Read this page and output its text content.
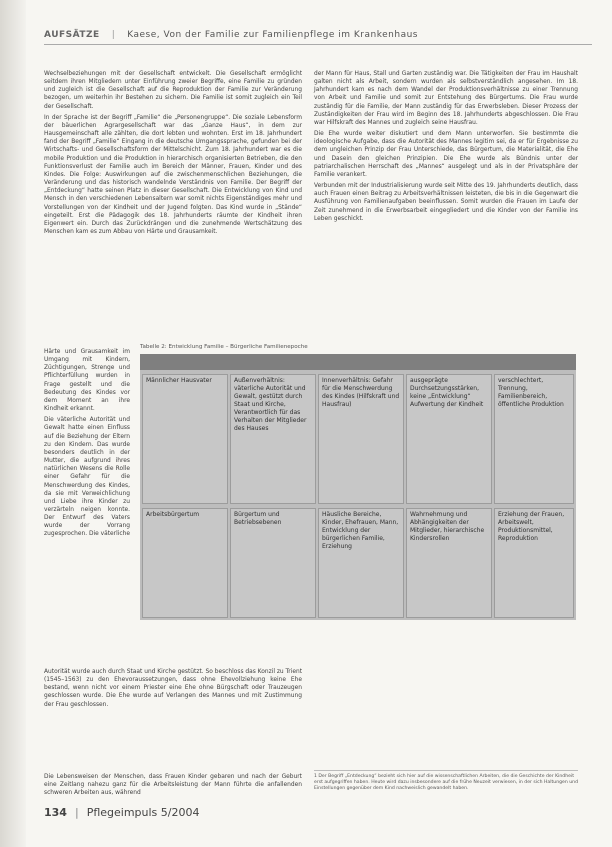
AUFSÄTZE | Kaese, Von der Familie zur Familienpflege im Krankenhaus

Wechselbeziehungen mit der Gesellschaft entwickelt. Die Gesellschaft ermöglicht seitdem ihren Mitgliedern unter Einführung zweier Begriffe, eine Familie zu gründen und zugleich ist die Gesellschaft auf die Reproduktion der Familie zur Veränderung bezogen, um weiterhin ihr Bestehen zu sichern. Die Familie ist somit zugleich ein Teil der Gesellschaft.

In der Sprache ist der Begriff „Familie“ die „Personengruppe“. Die soziale Lebensform der bäuerlichen Agrargesellschaft war das „Ganze Haus“, in dem zur Hausgemeinschaft alle zählten, die dort lebten und wohnten. Erst im 18. Jahrhundert fand der Begriff „Familie“ Eingang in die deutsche Umgangssprache, gefunden bei der Wirtschafts- und Gesellschaftsform der Mittelschicht. Zum 18. Jahrhundert war es die mobile Produktion und die Produktion in hierarchisch organisierten Betrieben, die den Funktionsverlust der Familie auch im Bereich der Männer, Frauen, Kinder und des Kindes. Die Folge: Auswirkungen auf die zwischenmenschlichen Beziehungen, die Veränderung und das historisch wandelnde Verständnis von Familie. Der Begriff der „Entdeckung“ hatte seinen Platz in dieser Gesellschaft. Die Entwicklung von Kind und Mensch in den verschiedenen Lebensaltern war somit nichts Eigenständiges mehr und Vorstellungen von der Kindheit und der Jugend folgten. Das Kind wurde in „Stände“ eingeteilt. Erst die Pädagogik des 18. Jahrhunderts räumte der Kindheit ihren Eigenwert ein. Durch das Zurückdrängen und die zunehmende Wertschätzung des Menschen kam es zum Abbau von Härte und Grausamkeit.

Härte und Grausamkeit im Umgang mit Kindern, Züchtigungen, Strenge und Pflichterfüllung wurden in Frage gestellt und die Bedeutung des Kindes vor dem Moment an ihre Kindheit erkannt.

Die väterliche Autorität und Gewalt hatte einen Einfluss auf die Beziehung der Eltern zu den Kindern. Das wurde besonders deutlich in der Mutter, die aufgrund ihres natürlichen Wesens die Rolle einer Gefahr für die Menschwerdung des Kindes, da sie mit Verweichlichung und Liebe ihre Kinder zu verzärteln neigen konnte. Der Entwurf des Vaters wurde der Vorrang zugesprochen. Die väterliche

der Mann für Haus, Stall und Garten zuständig war. Die Tätigkeiten der Frau im Haushalt galten nicht als Arbeit, sondern wurden als selbstverständlich angesehen. Im 18. Jahrhundert kam es nach dem Wandel der Produktionsverhältnisse zu einer Trennung von Arbeit und Familie und somit zur Entstehung des Bürgertums. Die Frau wurde zuständig für die Familie, der Mann zuständig für das Erwerbsleben. Dieser Prozess der Zuständigkeiten der Frau wird im Beginn des 18. Jahrhunderts abgeschlossen. Die Frau war Hilfskraft des Mannes und zugleich seine Hausfrau.

Die Ehe wurde weiter diskutiert und dem Mann unterworfen. Sie bestimmte die ideologische Aufgabe, dass die Autorität des Mannes legitim sei, da er für Ergebnisse zu dem ungleichen Prinzip der Frau Unterschiede, das Bürgertum, die Materialität, die Ehe und Dasein den gleichen Prinzipien. Die Ehe wurde als Bündnis unter der patriarchalischen Herrschaft des „Mannes“ ausgelegt und als in der Privatsphäre der Familie verankert.

Verbunden mit der Industrialisierung wurde seit Mitte des 19. Jahrhunderts deutlich, dass auch Frauen einen Beitrag zu Arbeitsverhältnissen leisteten, die bis in die Gegenwart die Ausführung von Familienaufgaben beeinflussen. Somit wurden die Frauen im Laufe der Zeit zunehmend in die Erwerbsarbeit eingegliedert und die Kinder von der Familie ins Leben geschickt.

Tabelle 2: Entwicklung Familie – Bürgerliche Familienepoche
Männlicher Hausvater	Außenverhältnis: väterliche Autorität und Gewalt, gestützt durch Staat und Kirche, Verantwortlich für das Verhalten der Mitglieder des Hauses
Innenverhältnis: Gefahr für die Menschwerdung des Kindes (Hilfskraft und Hausfrau)
ausgeprägte Durchsetzungsstärken, keine „Entwicklung“ Aufwertung der Kindheit
verschlechtert, Trennung, Familienbereich, öffentliche Produktion
Arbeitsbürgertum	Bürgertum und Betriebsebenen
Häusliche Bereiche, Kinder, Ehefrauen, Mann, Entwicklung der bürgerlichen Familie, Erziehung
Wahrnehmung und Abhängigkeiten der Mitglieder, hierarchische Kindersrollen
Erziehung der Frauen, Arbeitswelt, Produktionsmittel, Reproduktion

Autorität wurde auch durch Staat und Kirche gestützt. So beschloss das Konzil zu Trient (1545–1563) zu den Ehevoraussetzungen, dass ohne Ehevollziehung keine Ehe bestand, wenn nicht vor einem Priester eine Ehe ohne Bürgschaft oder Trauzeugen geschlossen wurde. Die Ehe wurde auf Verlangen des Mannes und mit Zustimmung der Frau geschlossen.

Die Lebensweisen der Menschen, dass Frauen Kinder gebaren und nach der Geburt eine Zeitlang nahezu ganz für die Arbeitsleistung der Mann führte die anfallenden schweren Arbeiten aus, während

1 Der Begriff „Entdeckung“ bezieht sich hier auf die wissenschaftlichen Arbeiten, die die Geschichte der Kindheit erst aufgegriffen haben. Heute wird dazu insbesondere auf die frühe Neuzeit verwiesen, in der sich Haltungen und Einstellungen gegenüber dem Kind nachweislich gewandelt haben.
134 | Pflegeimpuls 5/2004
